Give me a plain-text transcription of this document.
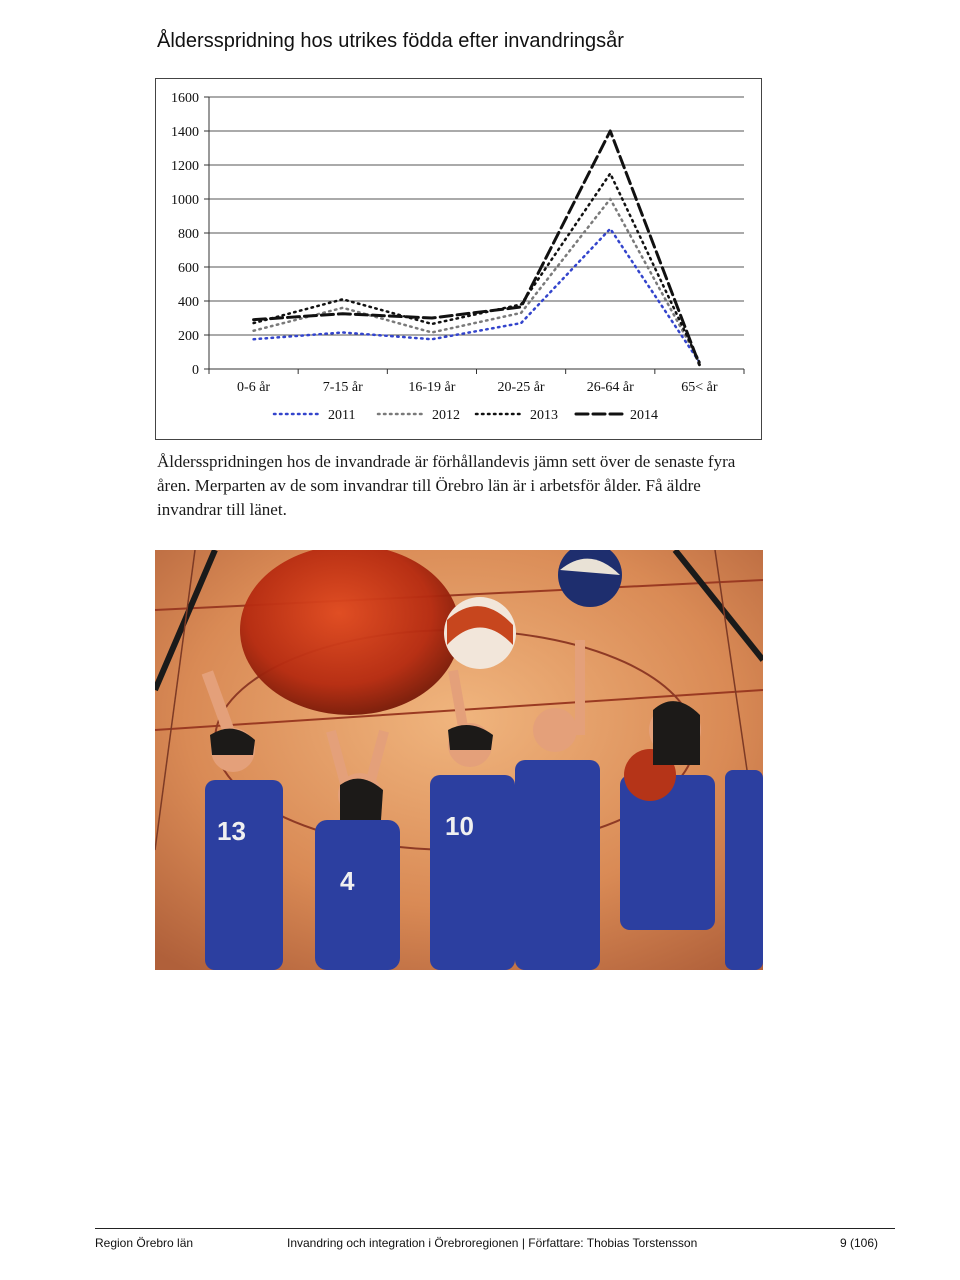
Åldersspridning hos utrikes födda efter invandringsår
0
200
400
600
800
1000
1200
1400
1600
0-6 år	7-15 år	16-19 år	20-25 år	26-64 år	65< år
2011	2012	2013	2014
Åldersspridningen hos de invandrade är förhållandevis jämn sett över de senaste fyra åren. Merparten av de som invandrar till Örebro län är i arbetsför ålder. Få äldre invandrar till länet.
13
4
10
Region Örebro län	Invandring och integration i Örebroregionen | Författare: Thobias Torstensson	9 (106)
